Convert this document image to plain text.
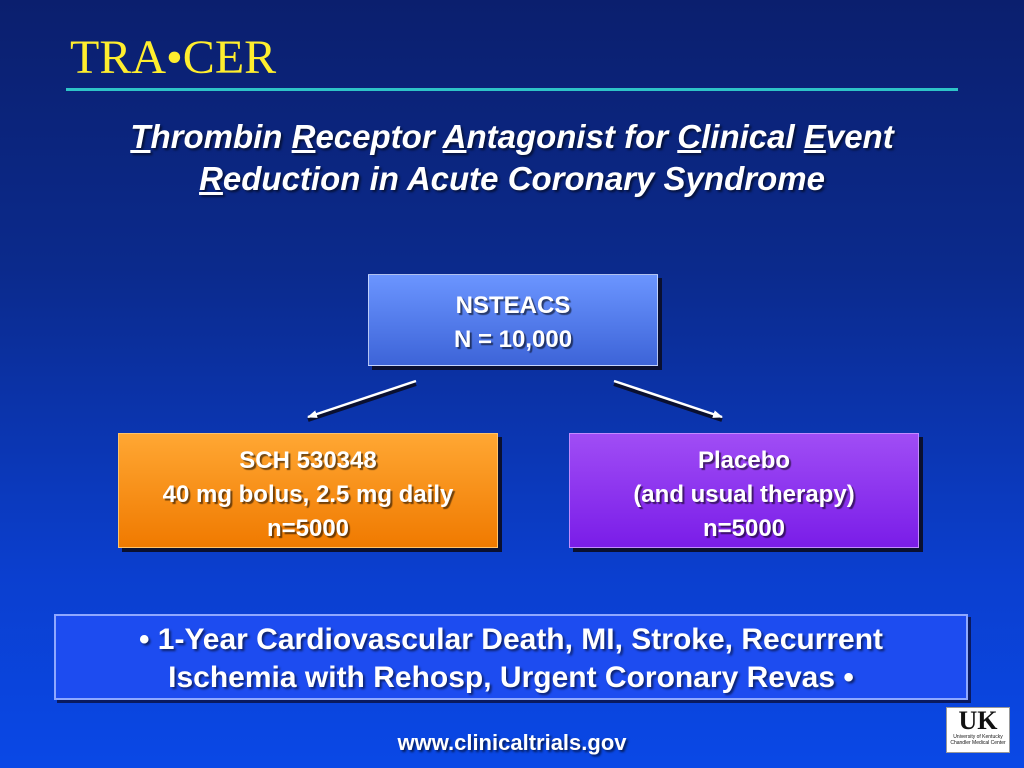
TRA•CER
Thrombin Receptor Antagonist for Clinical Event
Reduction in Acute Coronary Syndrome
NSTEACS
N = 10,000
SCH 530348
40 mg bolus, 2.5 mg daily
n=5000
Placebo
(and usual therapy)
n=5000
• 1-Year Cardiovascular Death, MI, Stroke, Recurrent
Ischemia with Rehosp, Urgent Coronary Revas •
www.clinicaltrials.gov
UK
University of Kentucky Chandler Medical Center
